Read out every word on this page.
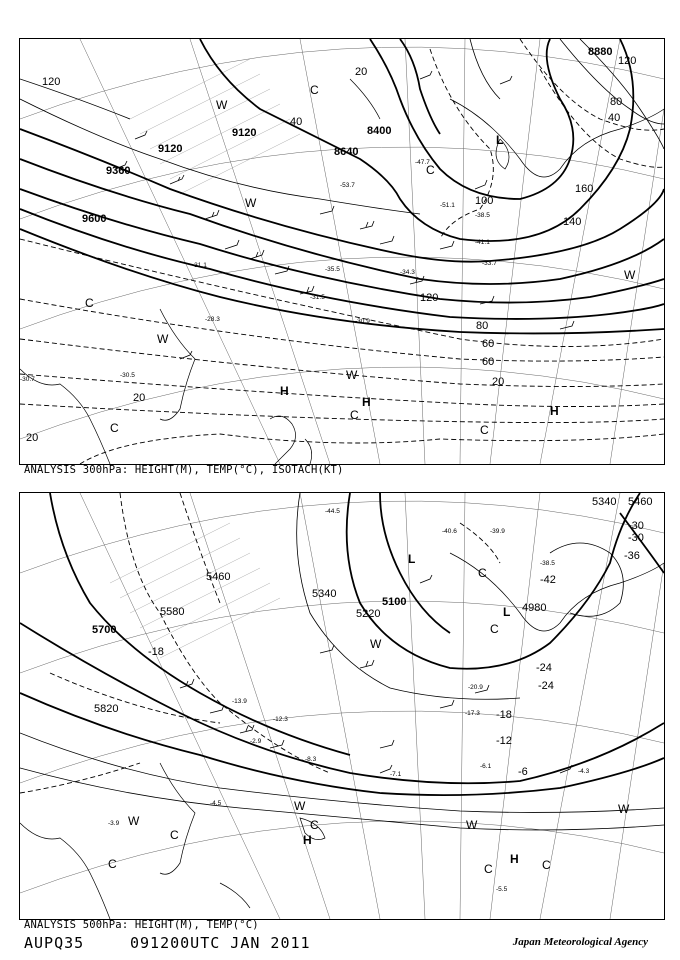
-31.1
-28.3
-30.5
-30.7
-30.9
-31.5
-33.7
-34.3
-35.5
-47.7
-53.7
-51.1
-38.5
-41.1
9120
9360
9600
8880
8640
8400
9120
120
20
40
60
80
100
120
140
160
120
80
40
20
60
20
20
L
H
H
H
W
C
W
C
W
W
C
C	C
W
C
ANALYSIS 300hPa: HEIGHT(M), TEMP(°C), ISOTACH(KT)
-44.5
-40.6	-39.9
-38.5
-20.9
-17.3
-13.9
-12.3
-8.3
-7.1
-6.1
-5.5
-4.5
-4.3
-3.9
-2.9
5100
5220
5340
5460
5580
5700
5820
4980
5340 5460
-42
-36
-30
-30
-24
-18
-12
-6
-18
-24
L
L
H
H
C
C
W
W
W
W
C
C
W
C	C
C
ANALYSIS 500hPa: HEIGHT(M), TEMP(°C)
AUPQ35	091200UTC JAN 2011	Japan Meteorological Agency
